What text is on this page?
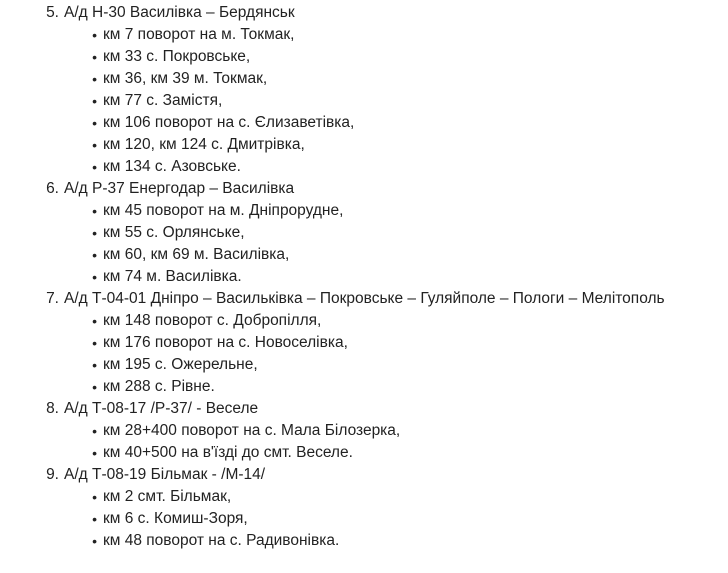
5. А/д Н-30 Василівка – Бердянськ
• км 7 поворот на м. Токмак,
• км 33 с. Покровське,
• км 36, км 39 м. Токмак,
• км 77 с. Замістя,
• км 106 поворот на с. Єлизаветівка,
• км 120, км 124 с. Дмитрівка,
• км 134 с. Азовське.
6. А/д Р-37 Енергодар – Василівка
• км 45 поворот на м. Дніпрорудне,
• км 55 с. Орлянське,
• км 60, км 69 м. Василівка,
• км 74 м. Василівка.
7. А/д Т-04-01 Дніпро – Васильківка – Покровське – Гуляйполе – Пологи – Мелітополь
• км 148 поворот с. Добропілля,
• км 176 поворот на с. Новоселівка,
• км 195 с. Ожерельне,
• км 288 с. Рівне.
8. А/д Т-08-17 /Р-37/ - Веселе
• км 28+400 поворот на с. Мала Білозерка,
• км 40+500 на в'їзді до смт. Веселе.
9. А/д Т-08-19 Більмак - /М-14/
• км 2 смт. Більмак,
• км 6 с. Комиш-Зоря,
• км 48 поворот на с. Радивонівка.
